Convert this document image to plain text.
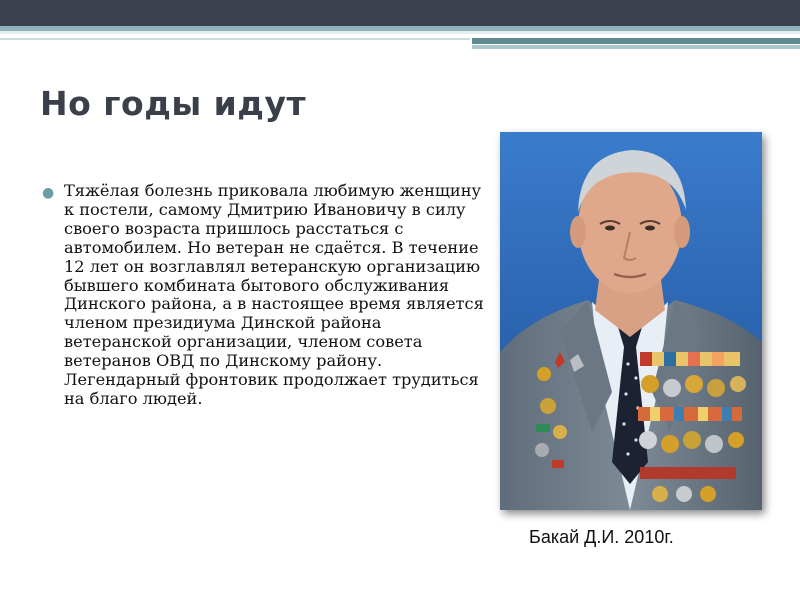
Но годы идут
● Тяжёлая болезнь приковала любимую женщину к постели, самому Дмитрию Ивановичу в силу своего возраста пришлось расстаться с автомобилем. Но ветеран не сдаётся. В течение 12 лет он возглавлял ветеранскую организацию бывшего комбината бытового обслуживания Динского района, а в настоящее время является членом президиума Динской района ветеранской организации, членом совета ветеранов ОВД по Динскому району. Легендарный фронтовик продолжает трудиться на благо людей.

Бакай Д.И. 2010г.
